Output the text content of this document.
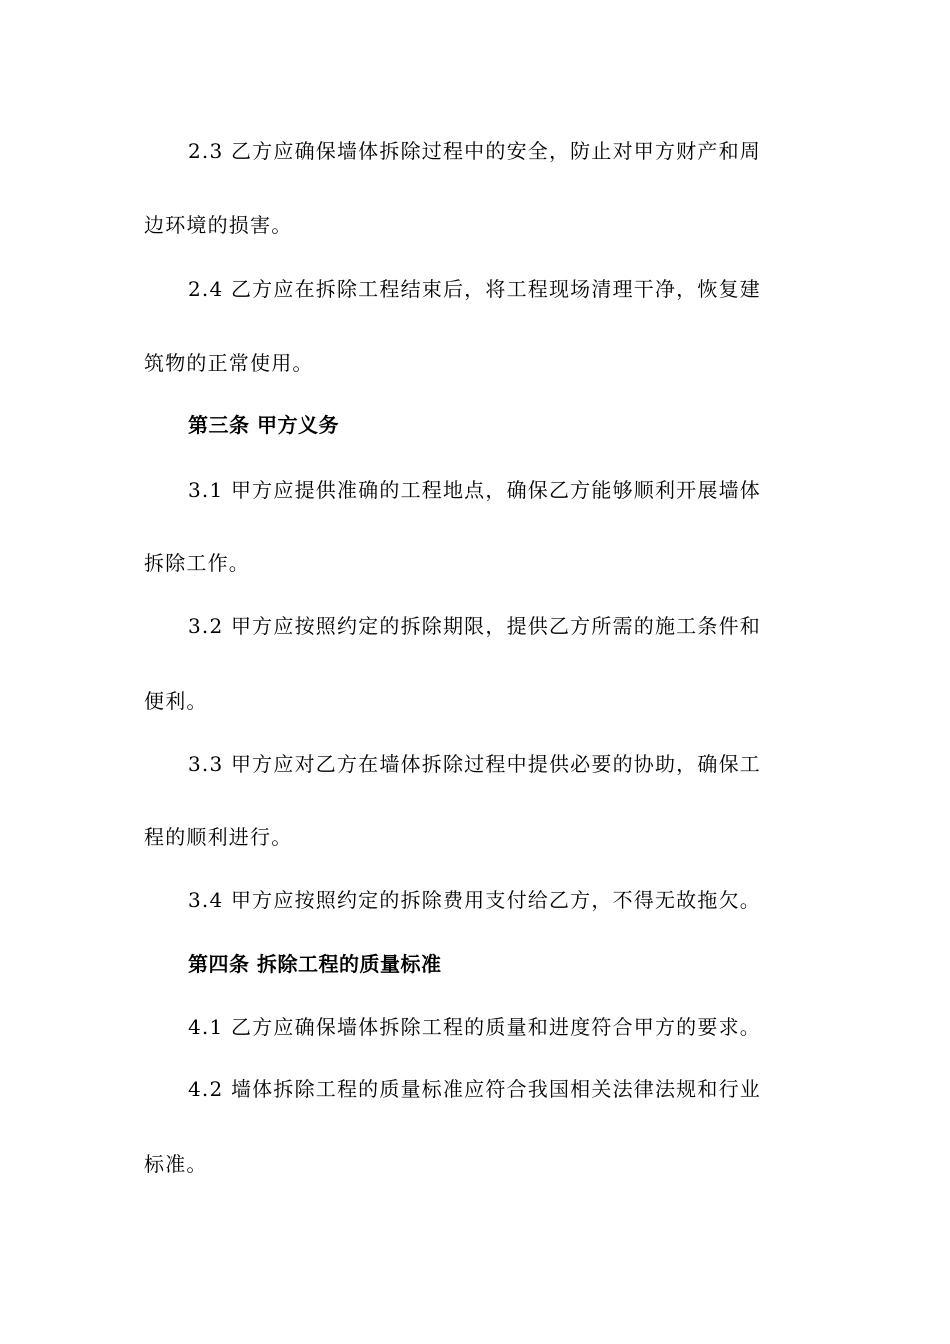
2.3 乙方应确保墙体拆除过程中的安全，防止对甲方财产和周
边环境的损害。
2.4 乙方应在拆除工程结束后，将工程现场清理干净，恢复建
筑物的正常使用。
第三条 甲方义务
3.1 甲方应提供准确的工程地点，确保乙方能够顺利开展墙体
拆除工作。
3.2 甲方应按照约定的拆除期限，提供乙方所需的施工条件和
便利。
3.3 甲方应对乙方在墙体拆除过程中提供必要的协助，确保工
程的顺利进行。
3.4 甲方应按照约定的拆除费用支付给乙方，不得无故拖欠。
第四条 拆除工程的质量标准
4.1 乙方应确保墙体拆除工程的质量和进度符合甲方的要求。
4.2 墙体拆除工程的质量标准应符合我国相关法律法规和行业
标准。
